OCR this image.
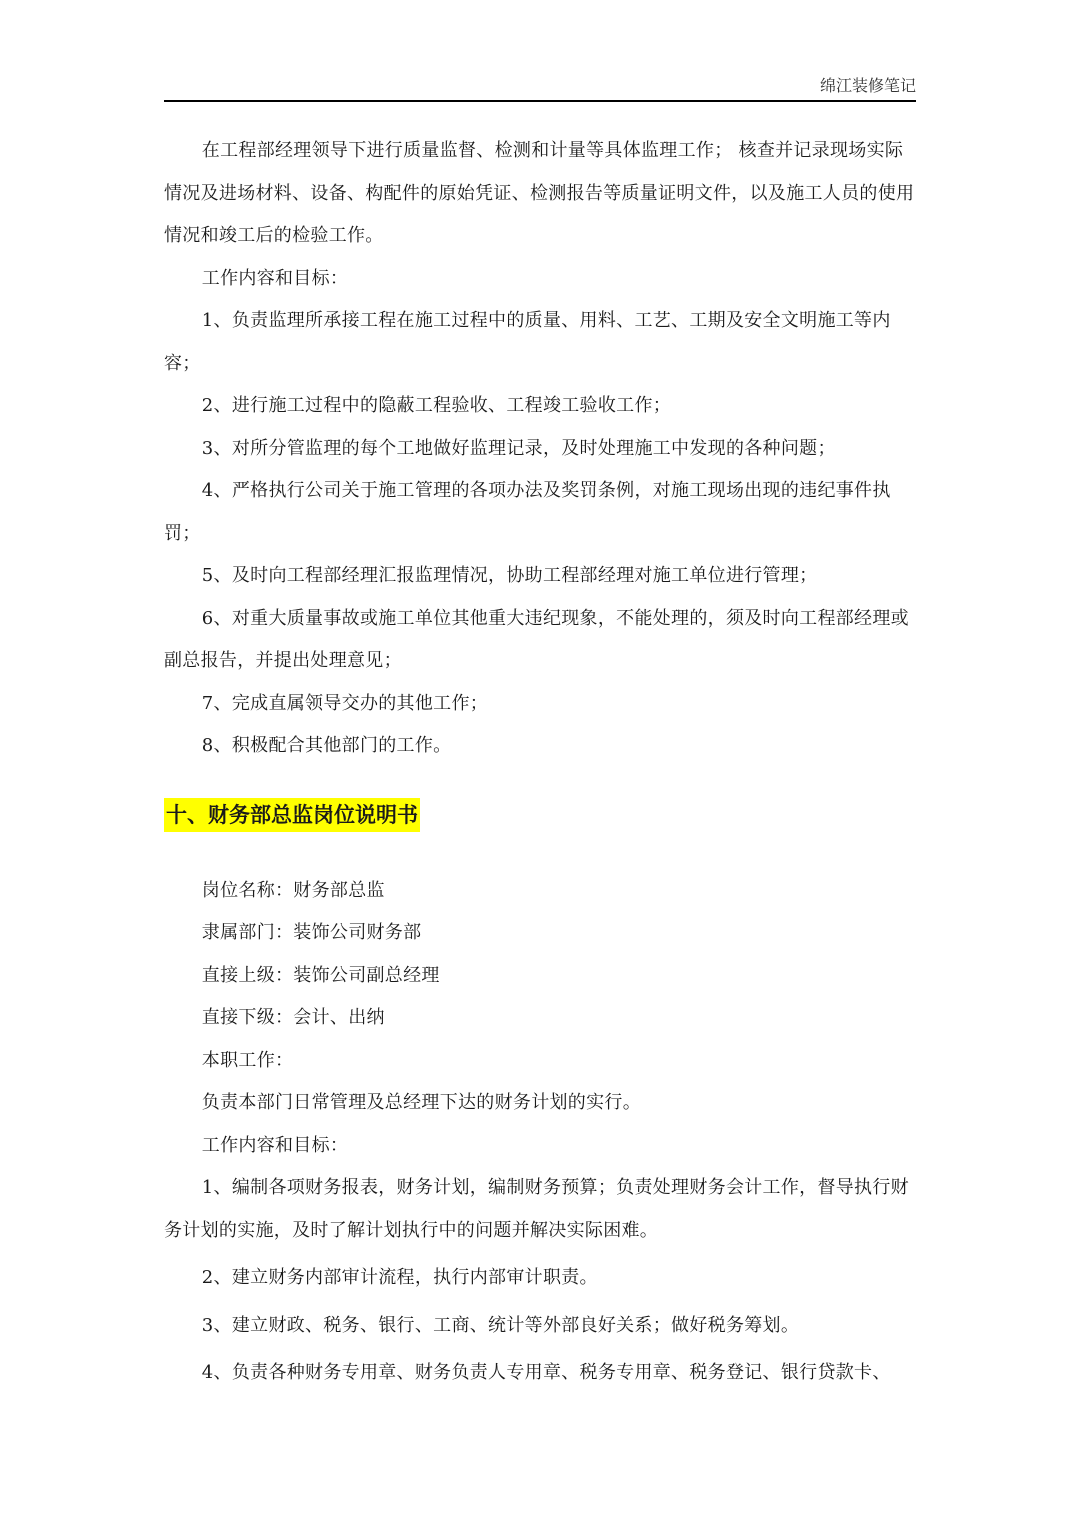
绵江装修笔记

在工程部经理领导下进行质量监督、检测和计量等具体监理工作； 核查并记录现场实际情况及进场材料、设备、构配件的原始凭证、检测报告等质量证明文件，以及施工人员的使用情况和竣工后的检验工作。

工作内容和目标：

1、负责监理所承接工程在施工过程中的质量、用料、工艺、工期及安全文明施工等内容；

2、进行施工过程中的隐蔽工程验收、工程竣工验收工作；

3、对所分管监理的每个工地做好监理记录，及时处理施工中发现的各种问题；

4、严格执行公司关于施工管理的各项办法及奖罚条例，对施工现场出现的违纪事件执罚；

5、及时向工程部经理汇报监理情况，协助工程部经理对施工单位进行管理；

6、对重大质量事故或施工单位其他重大违纪现象，不能处理的，须及时向工程部经理或副总报告，并提出处理意见；

7、完成直属领导交办的其他工作；

8、积极配合其他部门的工作。

十、财务部总监岗位说明书

岗位名称：财务部总监

隶属部门：装饰公司财务部

直接上级：装饰公司副总经理

直接下级：会计、出纳

本职工作：

负责本部门日常管理及总经理下达的财务计划的实行。

工作内容和目标：

1、编制各项财务报表，财务计划，编制财务预算；负责处理财务会计工作，督导执行财务计划的实施，及时了解计划执行中的问题并解决实际困难。

2、建立财务内部审计流程，执行内部审计职责。

3、建立财政、税务、银行、工商、统计等外部良好关系；做好税务筹划。

4、负责各种财务专用章、财务负责人专用章、税务专用章、税务登记、银行贷款卡、
